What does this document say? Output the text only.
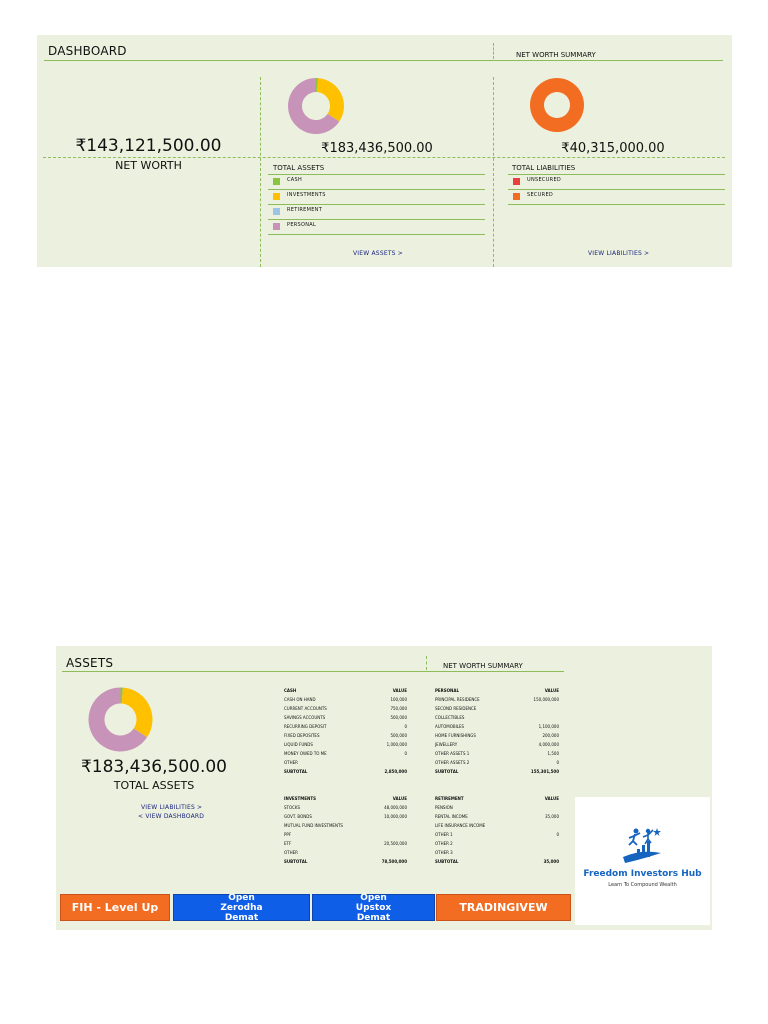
DASHBOARD	NET WORTH SUMMARY
₹143,121,500.00
NET WORTH
₹183,436,500.00
TOTAL ASSETS
CASH
INVESTMENTS
RETIREMENT
PERSONAL
VIEW ASSETS >
₹40,315,000.00
TOTAL LIABILITIES
UNSECURED
SECURED
VIEW LIABILITIES >
ASSETS	NET WORTH SUMMARY
₹183,436,500.00
TOTAL ASSETS
VIEW LIABILITIES >
< VIEW DASHBOARD
CASH	VALUE
CASH ON HAND	100,000
CURRENT ACCOUNTS	750,000
SAVINGS ACCOUNTS	500,000
RECURRING DEPOSIT	0
FIXED DEPOSITES	500,000
LIQUID FUNDS	1,000,000
MONEY OWED TO ME	0
OTHER
SUBTOTAL	2,850,000
PERSONAL	VALUE
PRINCIPAL RESIDENCE	150,000,000
SECOND RESIDENCE
COLLECTIBLES
AUTOMOBILES	1,100,000
HOME FURNISHINGS	200,000
JEWELLERY	4,000,000
OTHER ASSETS 1	1,500
OTHER ASSETS 2	0
SUBTOTAL	155,301,500
INVESTMENTS	VALUE
STOCKS	48,000,000
GOVT. BONDS	10,000,000
MUTUAL FUND INVESTMENTS
PPF
ETF	20,500,000
OTHER
SUBTOTAL	78,500,000
RETIREMENT	VALUE
PENSION
RENTAL INCOME	35,000
LIFE INSURANCE INCOME
OTHER 1	0
OTHER 2
OTHER 3
SUBTOTAL	35,000
FIH - Level Up
Open Zerodha Demat
Open Upstox Demat
TRADINGIVEW
Freedom Investors Hub
Learn To Compound Wealth
